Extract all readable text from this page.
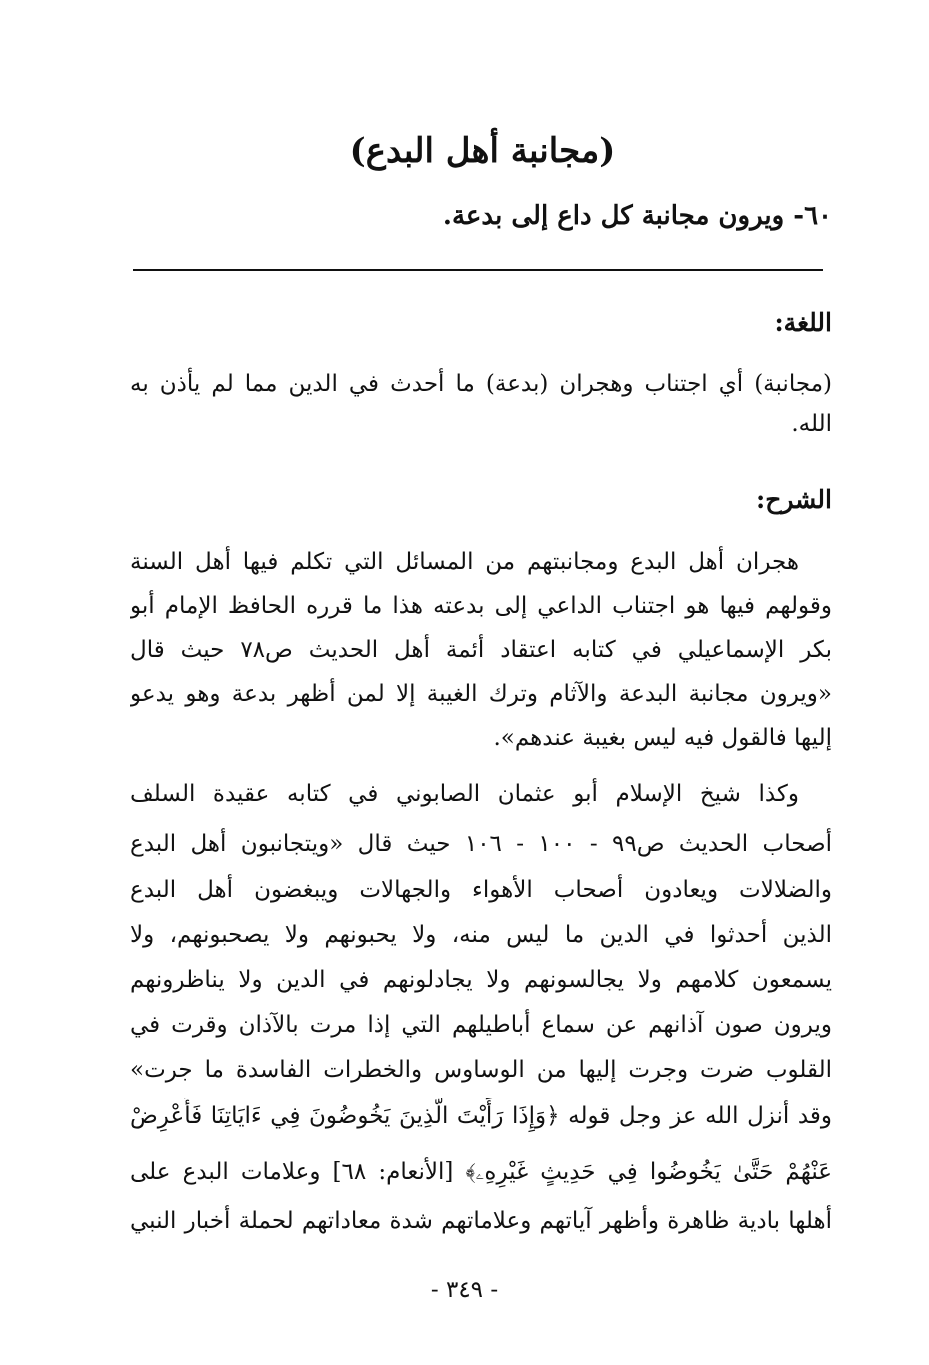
(مجانبة أهل البدع)
٦٠- ويرون مجانبة كل داع إلى بدعة.
اللغة:
(مجانبة) أي اجتناب وهجران (بدعة) ما أحدث في الدين مما لم يأذن به
الله.
الشرح:
هجران أهل البدع ومجانبتهم من المسائل التي تكلم فيها أهل السنة
وقولهم فيها هو اجتناب الداعي إلى بدعته هذا ما قرره الحافظ الإمام أبو
بكر الإسماعيلي في كتابه اعتقاد أئمة أهل الحديث ص٧٨ حيث قال
«ويرون مجانبة البدعة والآثام وترك الغيبة إلا لمن أظهر بدعة وهو يدعو
إليها فالقول فيه ليس بغيبة عندهم».
وكذا شيخ الإسلام أبو عثمان الصابوني في كتابه عقيدة السلف
أصحاب الحديث ص٩٩ - ١٠٠ - ١٠٦ حيث قال «ويتجانبون أهل البدع
والضلالات ويعادون أصحاب الأهواء والجهالات ويبغضون أهل البدع
الذين أحدثوا في الدين ما ليس منه، ولا يحبونهم ولا يصحبونهم، ولا
يسمعون كلامهم ولا يجالسونهم ولا يجادلونهم في الدين ولا يناظرونهم
ويرون صون آذانهم عن سماع أباطيلهم التي إذا مرت بالآذان وقرت في
القلوب ضرت وجرت إليها من الوساوس والخطرات الفاسدة ما جرت»
وقد أنزل الله عز وجل قوله ﴿وَإِذَا رَأَيْتَ الَّذِينَ يَخُوضُونَ فِي ءَايَاتِنَا فَأَعْرِضْ
عَنْهُمْ حَتَّىٰ يَخُوضُوا فِي حَدِيثٍ غَيْرِهِۦ﴾ [الأنعام: ٦٨] وعلامات البدع على
أهلها بادية ظاهرة وأظهر آياتهم وعلاماتهم شدة معاداتهم لحملة أخبار النبي
- ٣٤٩ -
